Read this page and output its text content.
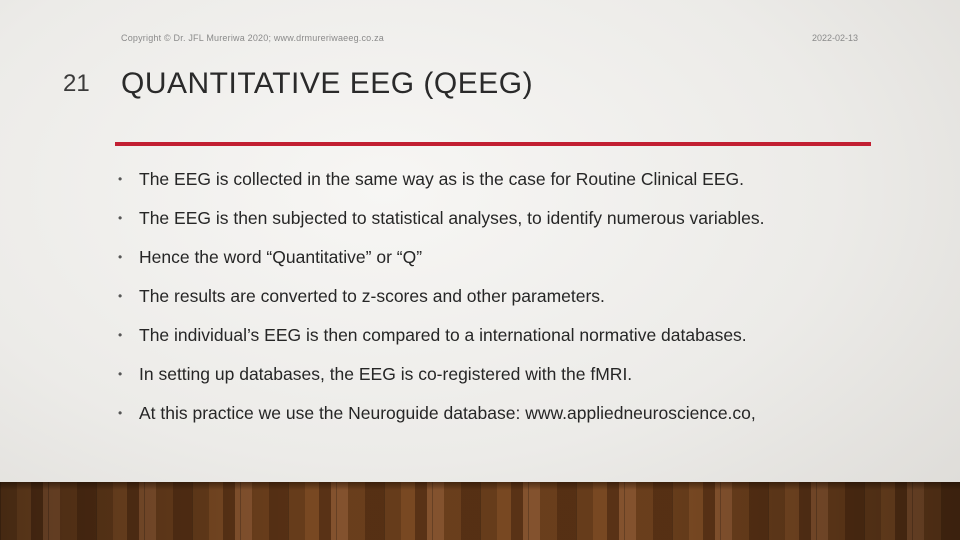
Copyright © Dr. JFL Mureriwa 2020; www.drmureriwaeeg.co.za	2022-02-13
21 QUANTITATIVE EEG (QEEG)
• The EEG is collected in the same way as is the case for Routine Clinical EEG.
• The EEG is then subjected to statistical analyses, to identify numerous variables.
• Hence the word “Quantitative” or “Q”
• The results are converted to z-scores and other parameters.
• The individual’s EEG is then compared to a international normative databases.
• In setting up databases, the EEG is co-registered with the fMRI.
• At this practice we use the Neuroguide database: www.appliedneuroscience.co,
